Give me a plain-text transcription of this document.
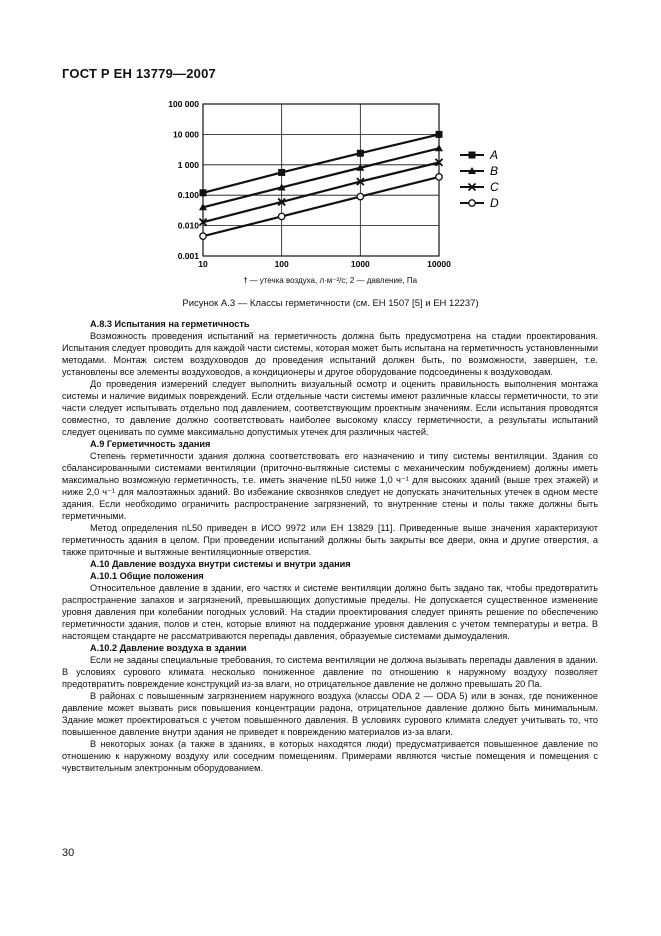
ГОСТ Р ЕН 13779—2007
100 000
10 000
1 000
0.100
0.010
0.001
10	100	1000	10000
A
B
C
D
ϯ — утечка воздуха, л·м⁻²/с; 2 — давление, Па
Рисунок А.3 — Классы герметичности (см. ЕН 1507 [5] и ЕН 12237)
А.8.3 Испытания на герметичность

Возможность проведения испытаний на герметичность должна быть предусмотрена на стадии проектирования. Испытания следует проводить для каждой части системы, которая может быть испытана на герметичность установленными методами. Монтаж систем воздуховодов до проведения испытаний должен быть, по возможности, завершен, т.е. установлены все элементы воздуховодов, а кондиционеры и другое оборудование подсоединены к воздуховодам.

До проведения измерений следует выполнить визуальный осмотр и оценить правильность выполнения монтажа системы и наличие видимых повреждений. Если отдельные части системы имеют различные классы герметичности, то эти части следует испытывать отдельно под давлением, соответствующим проектным значениям. Если испытания проводятся совместно, то давление должно соответствовать наиболее высокому классу герметичности, а результаты испытаний следует оценивать по сумме максимально допустимых утечек для различных частей.

А.9 Герметичность здания

Степень герметичности здания должна соответствовать его назначению и типу системы вентиляции. Здания со сбалансированными системами вентиляции (приточно-вытяжные системы с механическим побуждением) должны иметь максимально возможную герметичность, т.е. иметь значение nL50 ниже 1,0 ч⁻¹ для высоких зданий (выше трех этажей) и ниже 2,0 ч⁻¹ для малоэтажных зданий. Во избежание сквозняков следует не допускать значительных утечек в одном месте здания. Если необходимо ограничить распространение загрязнений, то внутренние стены и полы также должны быть герметичными.

Метод определения nL50 приведен в ИСО 9972 или ЕН 13829 [11]. Приведенные выше значения характеризуют герметичность здания в целом. При проведении испытаний должны быть закрыты все двери, окна и другие отверстия, а также приточные и вытяжные вентиляционные отверстия.

А.10 Давление воздуха внутри системы и внутри здания
А.10.1 Общие положения

Относительное давление в здании, его частях и системе вентиляции должно быть задано так, чтобы предотвратить распространение запахов и загрязнений, превышающих допустимые пределы. Не допускается существенное изменение уровня давления при колебании погодных условий. На стадии проектирования следует принять решение по обеспечению герметичности здания, полов и стен, которые влияют на поддержание уровня давления с учетом температуры и ветра. В настоящем стандарте не рассматриваются перепады давления, образуемые системами дымоудаления.

А.10.2 Давление воздуха в здании

Если не заданы специальные требования, то система вентиляции не должна вызывать перепады давления в здании. В условиях сурового климата несколько пониженное давление по отношению к наружному воздуху позволяет предотвратить повреждение конструкций из-за влаги, но отрицательное давление не должно превышать 20 Па.

В районах с повышенным загрязнением наружного воздуха (классы ODA 2 — ODA 5) или в зонах, где пониженное давление может вызвать риск повышения концентрации радона, отрицательное давление должно быть минимальным. Здание может проектироваться с учетом повышенного давления. В условиях сурового климата следует учитывать то, что повышенное давление внутри здания не приведет к повреждению материалов из-за влаги.

В некоторых зонах (а также в зданиях, в которых находятся люди) предусматривается повышенное давление по отношению к наружному воздуху или соседним помещениям. Примерами являются чистые помещения и помещения с чувствительным электронным оборудованием.

30
